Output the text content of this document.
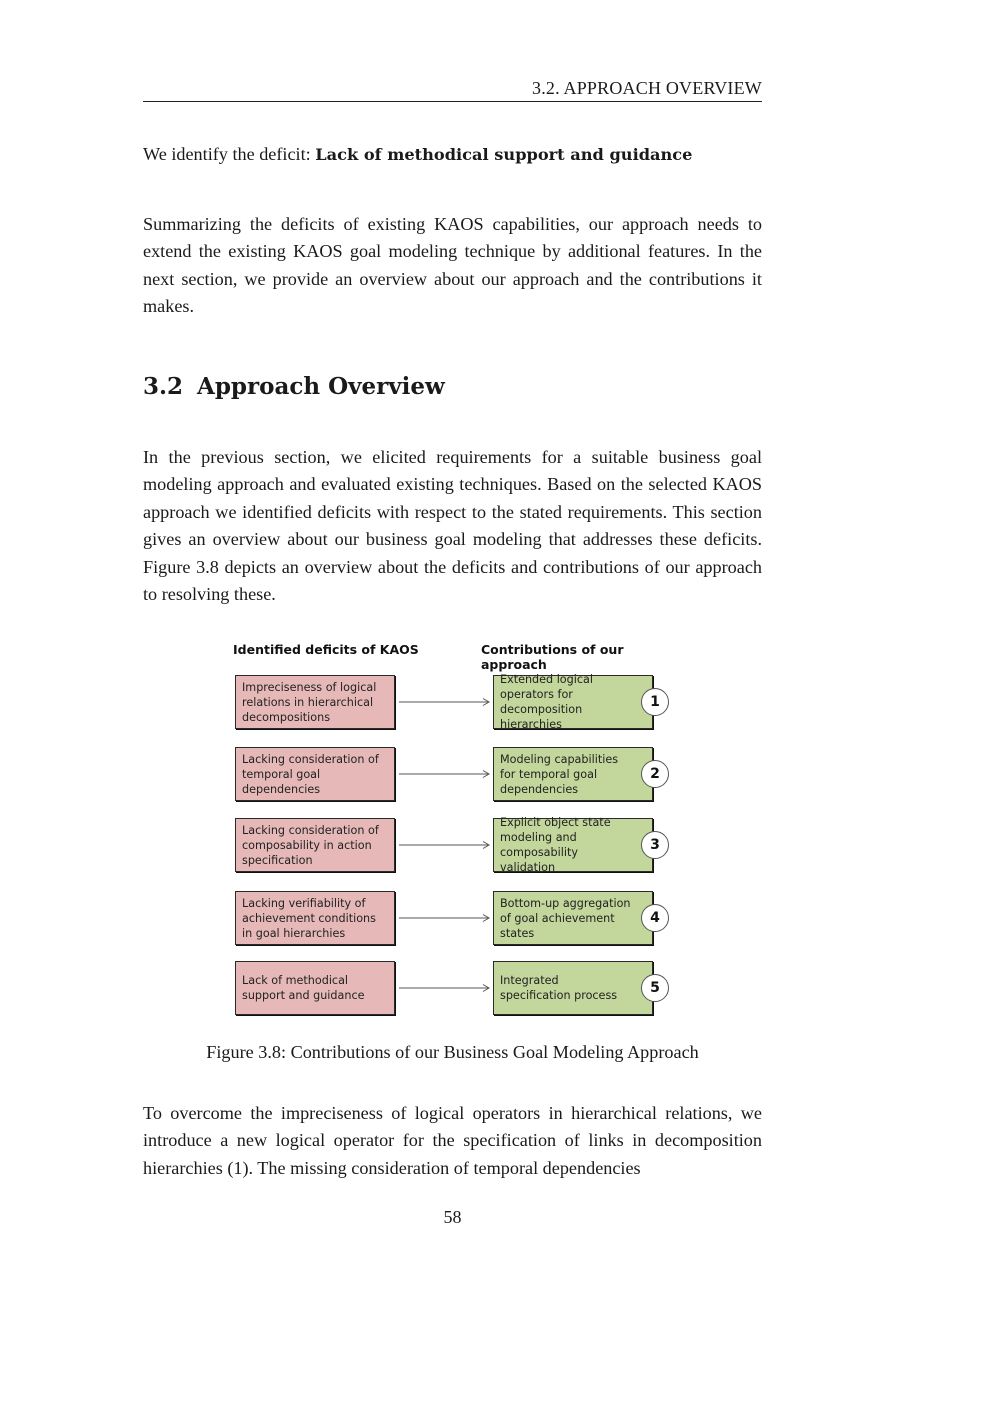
3.2. APPROACH OVERVIEW

We identify the deficit: Lack of methodical support and guidance

Summarizing the deficits of existing KAOS capabilities, our approach needs to extend the existing KAOS goal modeling technique by additional features. In the next section, we provide an overview about our approach and the contributions it makes.

3.2 Approach Overview

In the previous section, we elicited requirements for a suitable business goal modeling approach and evaluated existing techniques. Based on the selected KAOS approach we identified deficits with respect to the stated requirements. This section gives an overview about our business goal modeling that addresses these deficits. Figure 3.8 depicts an overview about the deficits and contributions of our approach to resolving these.

Identified deficits of KAOS	Contributions of our approach
Impreciseness of logical relations in hierarchical decompositions
Extended logical operators for decomposition hierarchies
1
Lacking consideration of temporal goal dependencies
Modeling capabilities for temporal goal dependencies
2
Lacking consideration of composability in action specification
Explicit object state modeling and composability validation
3
Lacking verifiability of achievement conditions in goal hierarchies
Bottom-up aggregation of goal achievement states
4
Lack of methodical support and guidance
Integrated specification process	5
Figure 3.8: Contributions of our Business Goal Modeling Approach

To overcome the impreciseness of logical operators in hierarchical relations, we introduce a new logical operator for the specification of links in decomposition hierarchies (1). The missing consideration of temporal dependencies

58
